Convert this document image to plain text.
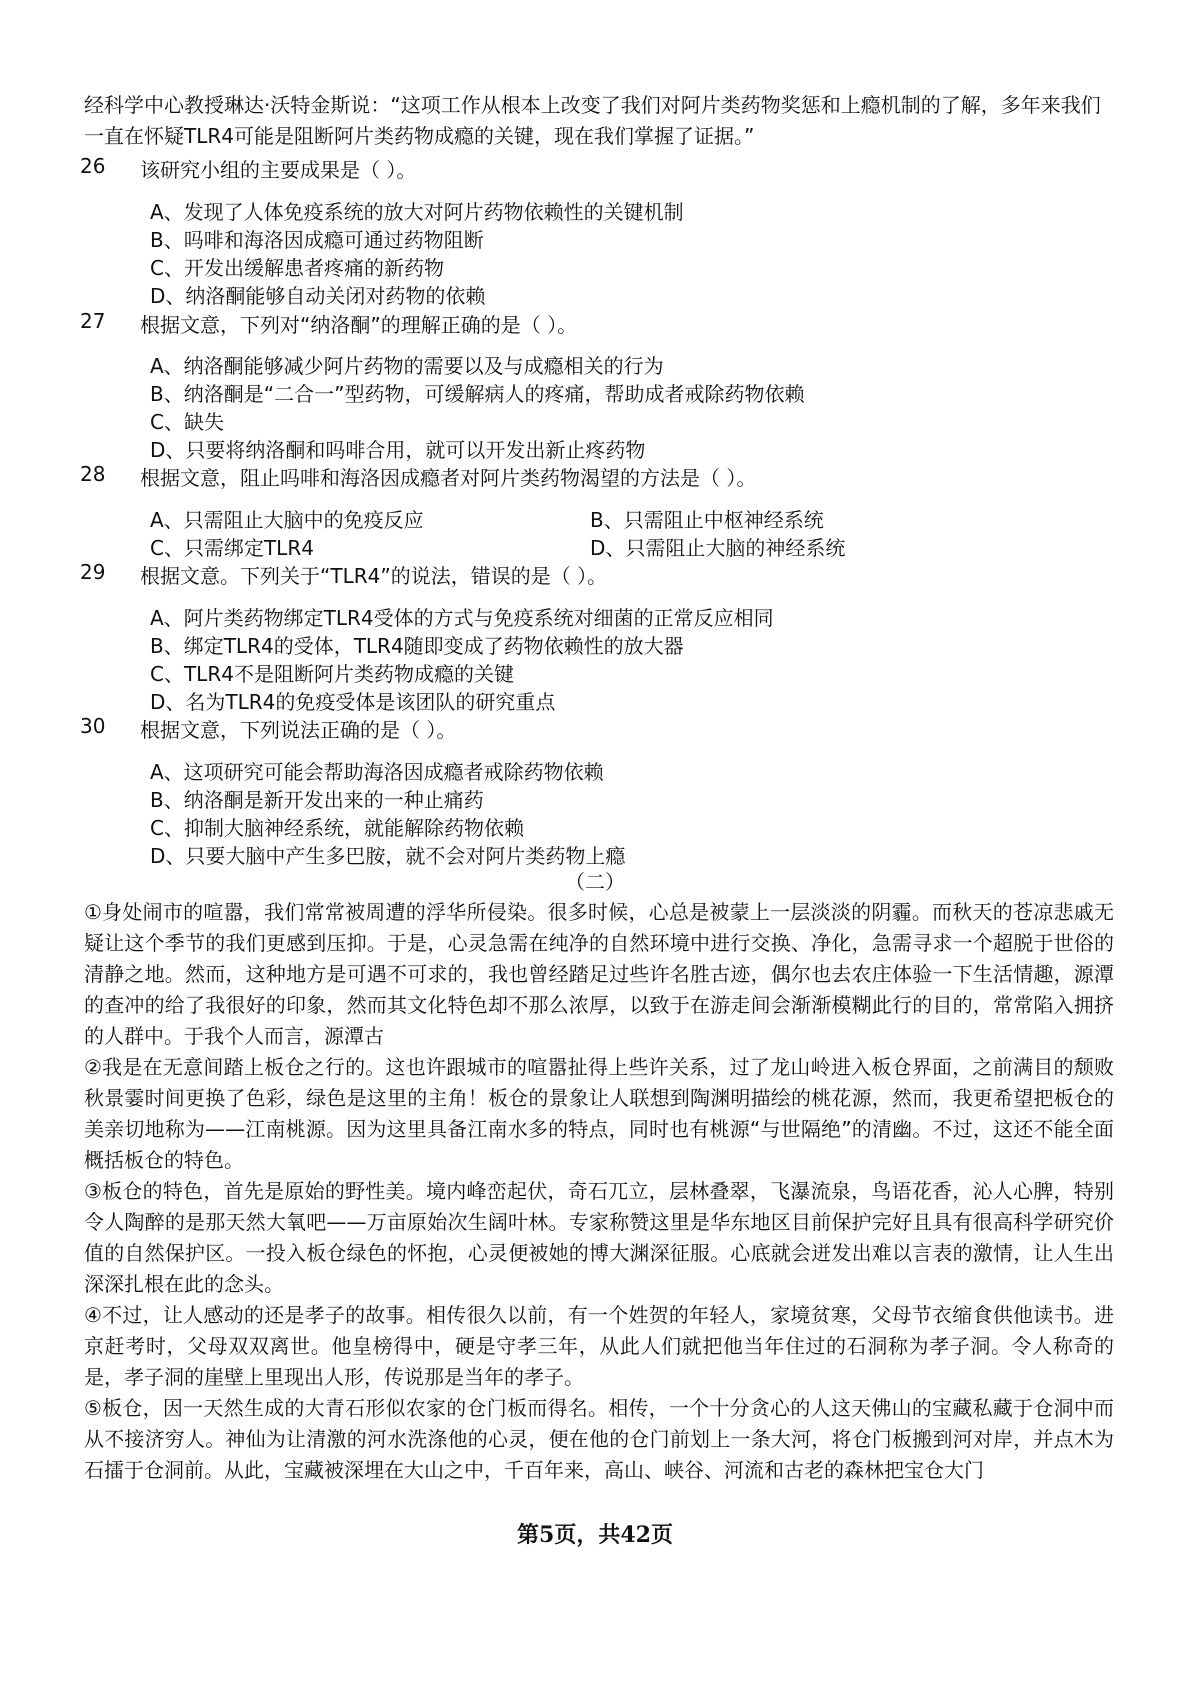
经科学中心教授琳达·沃特金斯说：“这项工作从根本上改变了我们对阿片类药物奖惩和上瘾机制的了解，多年来我们一直在怀疑TLR4可能是阻断阿片类药物成瘾的关键，现在我们掌握了证据。”
26 该研究小组的主要成果是（ ）。
A、发现了人体免疫系统的放大对阿片药物依赖性的关键机制
B、吗啡和海洛因成瘾可通过药物阻断
C、开发出缓解患者疼痛的新药物
D、纳洛酮能够自动关闭对药物的依赖
27 根据文意，下列对“纳洛酮”的理解正确的是（ ）。
A、纳洛酮能够减少阿片药物的需要以及与成瘾相关的行为
B、纳洛酮是“二合一”型药物，可缓解病人的疼痛，帮助成者戒除药物依赖
C、缺失
D、只要将纳洛酮和吗啡合用，就可以开发出新止疼药物
28 根据文意，阻止吗啡和海洛因成瘾者对阿片类药物渴望的方法是（ ）。
A、只需阻止大脑中的免疫反应	B、只需阻止中枢神经系统
C、只需绑定TLR4	D、只需阻止大脑的神经系统
29 根据文意。下列关于“TLR4”的说法，错误的是（ ）。
A、阿片类药物绑定TLR4受体的方式与免疫系统对细菌的正常反应相同
B、绑定TLR4的受体，TLR4随即变成了药物依赖性的放大器
C、TLR4不是阻断阿片类药物成瘾的关键
D、名为TLR4的免疫受体是该团队的研究重点
30 根据文意，下列说法正确的是（ ）。
A、这项研究可能会帮助海洛因成瘾者戒除药物依赖
B、纳洛酮是新开发出来的一种止痛药
C、抑制大脑神经系统，就能解除药物依赖
D、只要大脑中产生多巴胺，就不会对阿片类药物上瘾
（二）
①身处闹市的喧嚣，我们常常被周遭的浮华所侵染。很多时候，心总是被蒙上一层淡淡的阴霾。而秋天的苍凉悲戚无疑让这个季节的我们更感到压抑。于是，心灵急需在纯净的自然环境中进行交换、净化，急需寻求一个超脱于世俗的清静之地。然而，这种地方是可遇不可求的，我也曾经踏足过些许名胜古迹，偶尔也去农庄体验一下生活情趣，源潭的查冲的给了我很好的印象，然而其文化特色却不那么浓厚，以致于在游走间会渐渐模糊此行的目的，常常陷入拥挤的人群中。于我个人而言，源潭古
②我是在无意间踏上板仓之行的。这也许跟城市的喧嚣扯得上些许关系，过了龙山岭进入板仓界面，之前满目的颓败秋景霎时间更换了色彩，绿色是这里的主角！板仓的景象让人联想到陶渊明描绘的桃花源，然而，我更希望把板仓的美亲切地称为——江南桃源。因为这里具备江南水多的特点，同时也有桃源“与世隔绝”的清幽。不过，这还不能全面概括板仓的特色。
③板仓的特色，首先是原始的野性美。境内峰峦起伏，奇石兀立，层林叠翠，飞瀑流泉，鸟语花香，沁人心脾，特别令人陶醉的是那天然大氧吧——万亩原始次生阔叶林。专家称赞这里是华东地区目前保护完好且具有很高科学研究价值的自然保护区。一投入板仓绿色的怀抱，心灵便被她的博大渊深征服。心底就会迸发出难以言表的激情，让人生出深深扎根在此的念头。
④不过，让人感动的还是孝子的故事。相传很久以前，有一个姓贺的年轻人，家境贫寒，父母节衣缩食供他读书。进京赶考时，父母双双离世。他皇榜得中，硬是守孝三年，从此人们就把他当年住过的石洞称为孝子洞。令人称奇的是，孝子洞的崖壁上里现出人形，传说那是当年的孝子。
⑤板仓，因一天然生成的大青石形似农家的仓门板而得名。相传，一个十分贪心的人这天佛山的宝藏私藏于仓洞中而从不接济穷人。神仙为让清激的河水洗涤他的心灵，便在他的仓门前划上一条大河，将仓门板搬到河对岸，并点木为石擂于仓洞前。从此，宝藏被深埋在大山之中，千百年来，高山、峡谷、河流和古老的森林把宝仓大门
第5页，共42页
